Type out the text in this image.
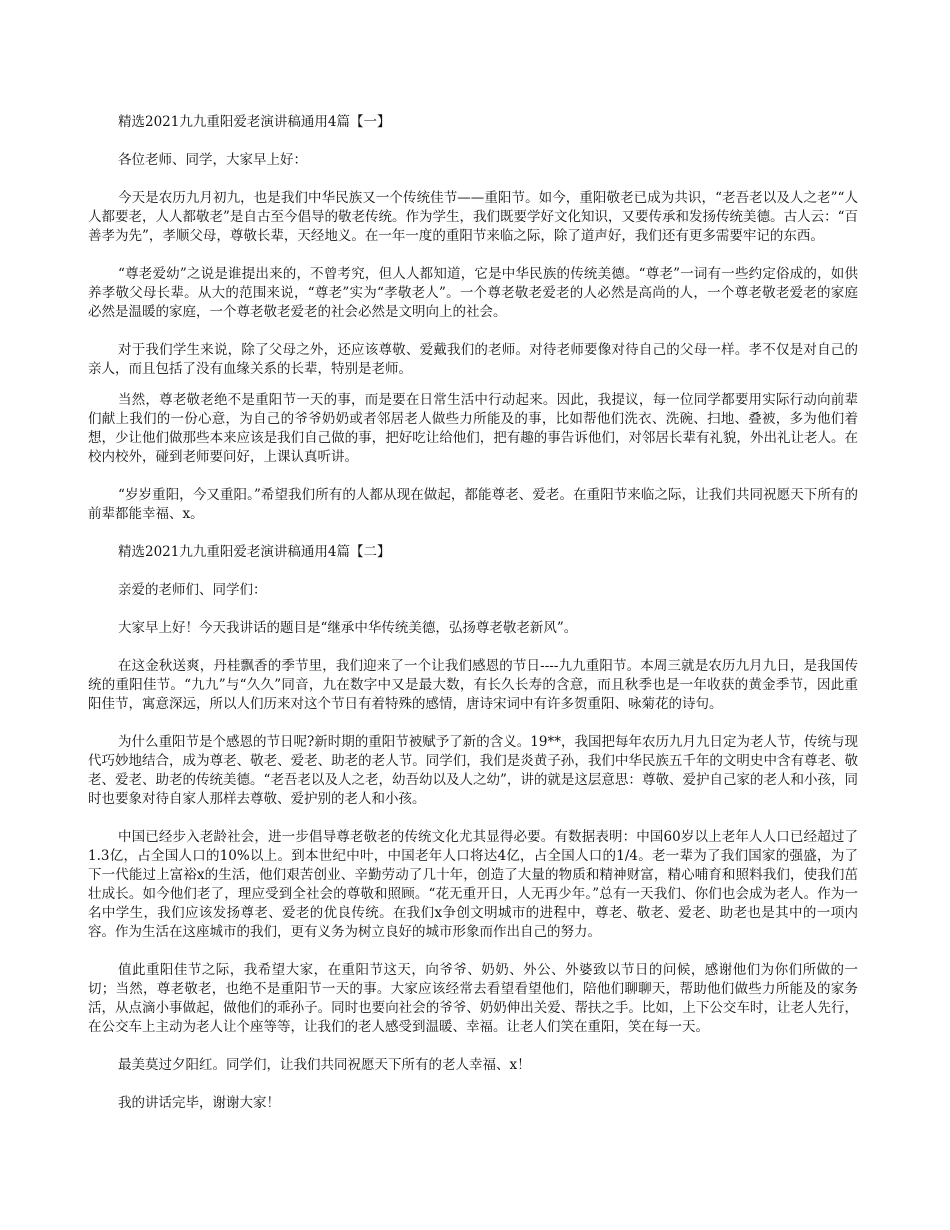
精选2021九九重阳爱老演讲稿通用4篇【一】

各位老师、同学，大家早上好：

今天是农历九月初九，也是我们中华民族又一个传统佳节——重阳节。如今，重阳敬老已成为共识，“老吾老以及人之老”“人人都要老，人人都敬老”是自古至今倡导的敬老传统。作为学生，我们既要学好文化知识，又要传承和发扬传统美德。古人云：“百善孝为先”，孝顺父母，尊敬长辈，天经地义。在一年一度的重阳节来临之际，除了道声好，我们还有更多需要牢记的东西。

“尊老爱幼”之说是谁提出来的，不曾考究，但人人都知道，它是中华民族的传统美德。“尊老”一词有一些约定俗成的，如供养孝敬父母长辈。从大的范围来说，“尊老”实为“孝敬老人”。一个尊老敬老爱老的人必然是高尚的人，一个尊老敬老爱老的家庭必然是温暖的家庭，一个尊老敬老爱老的社会必然是文明向上的社会。

对于我们学生来说，除了父母之外，还应该尊敬、爱戴我们的老师。对待老师要像对待自己的父母一样。孝不仅是对自己的亲人，而且包括了没有血缘关系的长辈，特别是老师。

当然，尊老敬老绝不是重阳节一天的事，而是要在日常生活中行动起来。因此，我提议，每一位同学都要用实际行动向前辈们献上我们的一份心意，为自己的爷爷奶奶或者邻居老人做些力所能及的事，比如帮他们洗衣、洗碗、扫地、叠被，多为他们着想，少让他们做那些本来应该是我们自己做的事，把好吃让给他们，把有趣的事告诉他们，对邻居长辈有礼貌，外出礼让老人。在校内校外，碰到老师要问好，上课认真听讲。

“岁岁重阳，今又重阳。”希望我们所有的人都从现在做起，都能尊老、爱老。在重阳节来临之际，让我们共同祝愿天下所有的前辈都能幸福、x。

精选2021九九重阳爱老演讲稿通用4篇【二】

亲爱的老师们、同学们：

大家早上好！今天我讲话的题目是“继承中华传统美德，弘扬尊老敬老新风”。

在这金秋送爽，丹桂飘香的季节里，我们迎来了一个让我们感恩的节日----九九重阳节。本周三就是农历九月九日，是我国传统的重阳佳节。“九九”与“久久”同音，九在数字中又是最大数，有长久长寿的含意，而且秋季也是一年收获的黄金季节，因此重阳佳节，寓意深远，所以人们历来对这个节日有着特殊的感情，唐诗宋词中有许多贺重阳、咏菊花的诗句。

为什么重阳节是个感恩的节日呢?新时期的重阳节被赋予了新的含义。19**，我国把每年农历九月九日定为老人节，传统与现代巧妙地结合，成为尊老、敬老、爱老、助老的老人节。同学们，我们是炎黄子孙，我们中华民族五千年的文明史中含有尊老、敬老、爱老、助老的传统美德。“老吾老以及人之老，幼吾幼以及人之幼”，讲的就是这层意思：尊敬、爱护自己家的老人和小孩，同时也要象对待自家人那样去尊敬、爱护别的老人和小孩。

中国已经步入老龄社会，进一步倡导尊老敬老的传统文化尤其显得必要。有数据表明：中国60岁以上老年人人口已经超过了1.3亿，占全国人口的10%以上。到本世纪中叶，中国老年人口将达4亿，占全国人口的1/4。老一辈为了我们国家的强盛，为了下一代能过上富裕x的生活，他们艰苦创业、辛勤劳动了几十年，创造了大量的物质和精神财富，精心哺育和照料我们，使我们茁壮成长。如今他们老了，理应受到全社会的尊敬和照顾。“花无重开日，人无再少年。”总有一天我们、你们也会成为老人。作为一名中学生，我们应该发扬尊老、爱老的优良传统。在我们x争创文明城市的进程中，尊老、敬老、爱老、助老也是其中的一项内容。作为生活在这座城市的我们，更有义务为树立良好的城市形象而作出自己的努力。

值此重阳佳节之际，我希望大家，在重阳节这天，向爷爷、奶奶、外公、外婆致以节日的问候，感谢他们为你们所做的一切；当然，尊老敬老，也绝不是重阳节一天的事。大家应该经常去看望看望他们，陪他们聊聊天，帮助他们做些力所能及的家务活，从点滴小事做起，做他们的乖孙子。同时也要向社会的爷爷、奶奶伸出关爱、帮扶之手。比如，上下公交车时，让老人先行，在公交车上主动为老人让个座等等，让我们的老人感受到温暖、幸福。让老人们笑在重阳，笑在每一天。

最美莫过夕阳红。同学们，让我们共同祝愿天下所有的老人幸福、x！

我的讲话完毕，谢谢大家！
